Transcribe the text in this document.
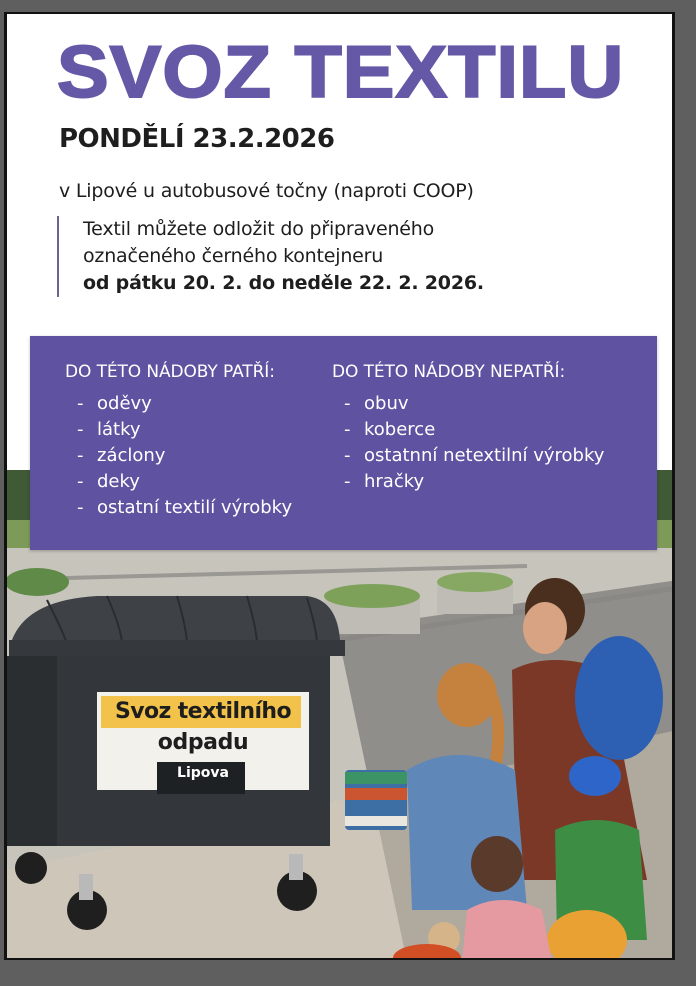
Svoz textilního
odpadu
Lipova
SVOZ TEXTILU
PONDĚLÍ 23.2.2026

v Lipové u autobusové točny (naproti COOP)

Textil můžete odložit do připraveného
označeného černého kontejneru
od pátku 20. 2. do neděle 22. 2. 2026.
DO TÉTO NÁDOBY PATŘÍ:
- oděvy
- látky
- záclony
- deky
- ostatní textilí výrobky
DO TÉTO NÁDOBY NEPATŘÍ:
- obuv
- koberce
- ostatnní netextilní výrobky
- hračky
